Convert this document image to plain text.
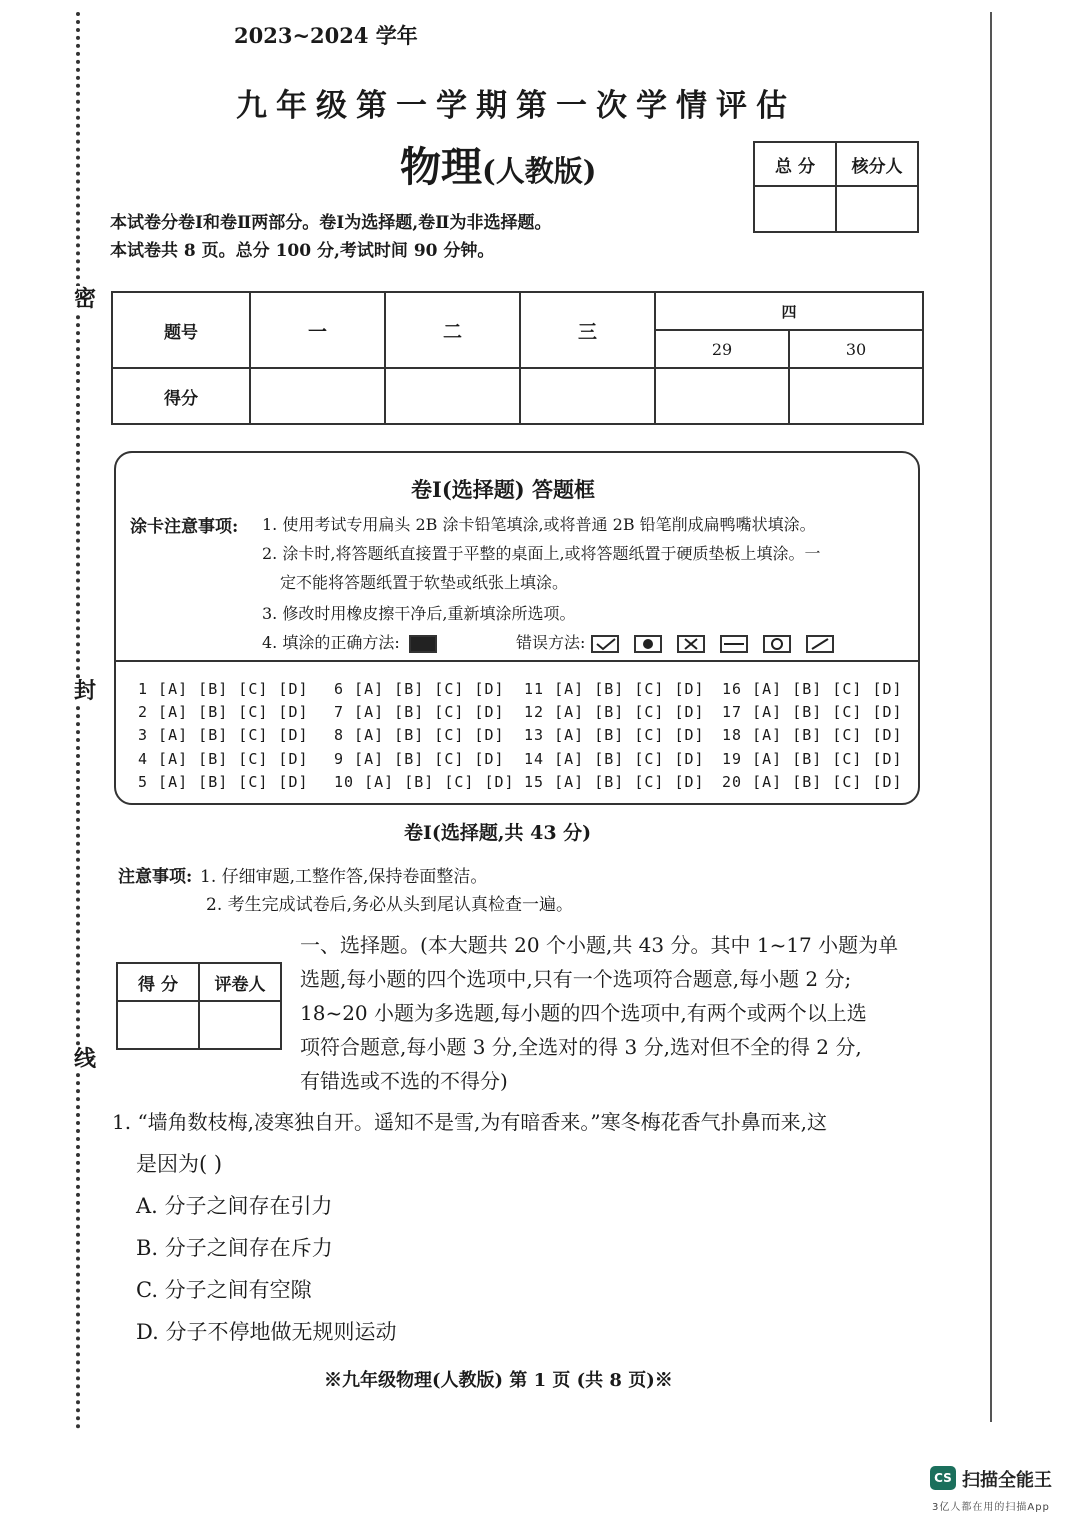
密
封
线
2023~2024 学年
九年级第一学期第一次学情评估
物理(人教版)	总 分	核分人

本试卷分卷Ⅰ和卷Ⅱ两部分。卷Ⅰ为选择题,卷Ⅱ为非选择题。
本试卷共 8 页。总分 100 分,考试时间 90 分钟。
题号	一	二	三	四	
				29	30
得分					
卷Ⅰ(选择题) 答题框
涂卡注意事项: 1. 使用考试专用扁头 2B 涂卡铅笔填涂,或将普通 2B 铅笔削成扁鸭嘴状填涂。
2. 涂卡时,将答题纸直接置于平整的桌面上,或将答题纸置于硬质垫板上填涂。一
定不能将答题纸置于软垫或纸张上填涂。
3. 修改时用橡皮擦干净后,重新填涂所选项。
4. 填涂的正确方法:	错误方法:

1 [A] [B] [C] [D] 6 [A] [B] [C] [D] 11 [A] [B] [C] [D] 16 [A] [B] [C] [D]
2 [A] [B] [C] [D] 7 [A] [B] [C] [D] 12 [A] [B] [C] [D] 17 [A] [B] [C] [D]
3 [A] [B] [C] [D] 8 [A] [B] [C] [D] 13 [A] [B] [C] [D] 18 [A] [B] [C] [D]
4 [A] [B] [C] [D] 9 [A] [B] [C] [D] 14 [A] [B] [C] [D] 19 [A] [B] [C] [D]
5 [A] [B] [C] [D] 10 [A] [B] [C] [D] 15 [A] [B] [C] [D] 20 [A] [B] [C] [D]
卷Ⅰ(选择题,共 43 分)
注意事项: 1. 仔细审题,工整作答,保持卷面整洁。
2. 考生完成试卷后,务必从头到尾认真检查一遍。
得 分	评卷人

一、选择题。(本大题共 20 个小题,共 43 分。其中 1~17 小题为单
选题,每小题的四个选项中,只有一个选项符合题意,每小题 2 分;
18~20 小题为多选题,每小题的四个选项中,有两个或两个以上选
项符合题意,每小题 3 分,全选对的得 3 分,选对但不全的得 2 分,
有错选或不选的不得分)
1. “墙角数枝梅,凌寒独自开。遥知不是雪,为有暗香来。”寒冬梅花香气扑鼻而来,这
是因为( )
A. 分子之间存在引力
B. 分子之间存在斥力
C. 分子之间有空隙
D. 分子不停地做无规则运动
※九年级物理(人教版) 第 1 页 (共 8 页)※
CS 扫描全能王
3亿人都在用的扫描App
